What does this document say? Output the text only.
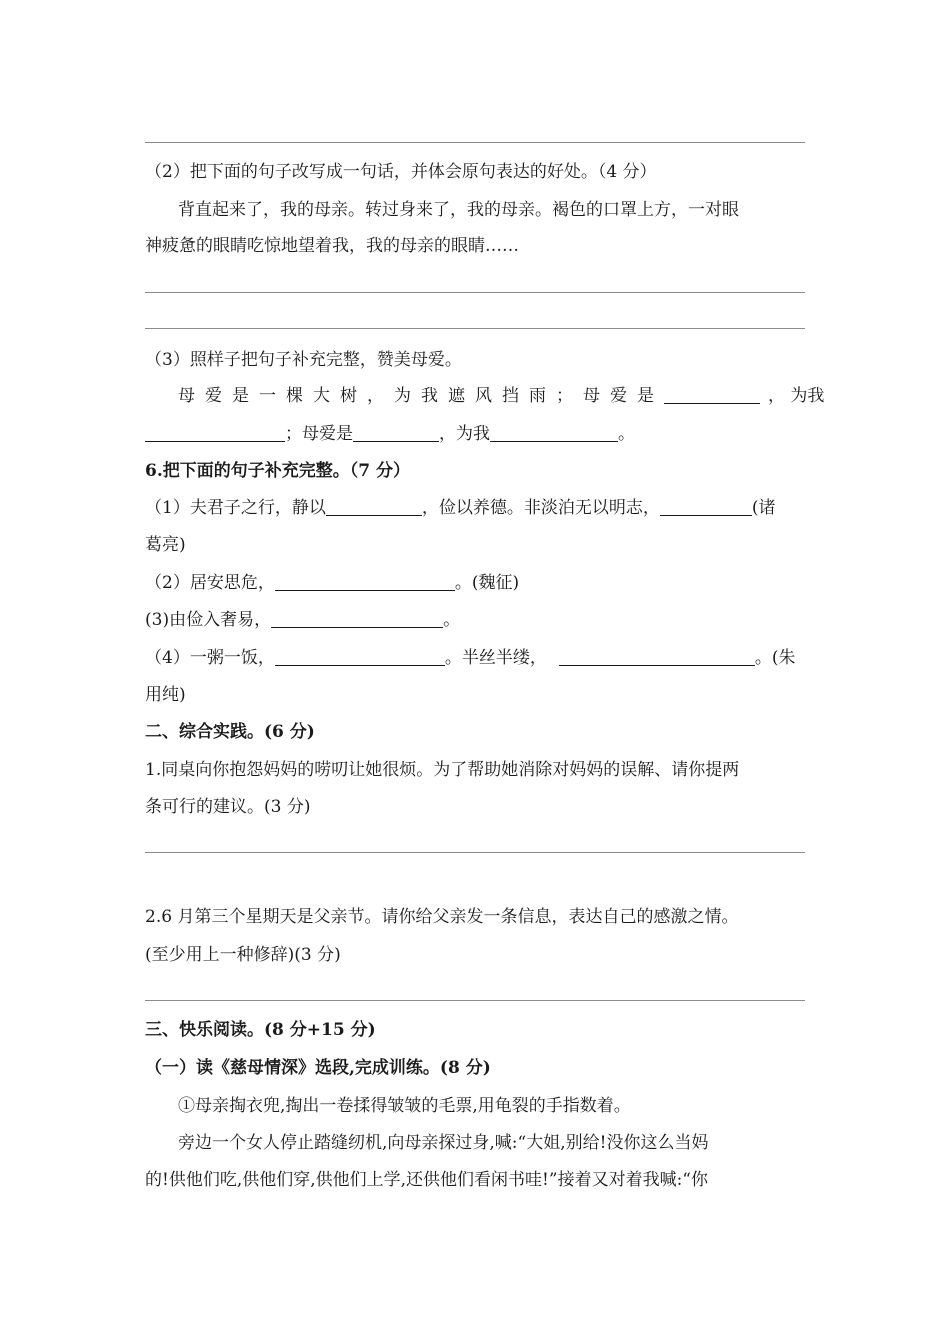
（2）把下面的句子改写成一句话，并体会原句表达的好处。（4 分）
背直起来了，我的母亲。转过身来了，我的母亲。褐色的口罩上方，一对眼
神疲惫的眼睛吃惊地望着我，我的母亲的眼睛……
（3）照样子把句子补充完整，赞美母爱。
母爱是一棵大树，为我遮风挡雨；母爱是	， 为我
；母爱是	，为我	。
6.把下面的句子补充完整。（7 分）
（1）夫君子之行，静以	，俭以养德。非淡泊无以明志，	(诸
葛亮)
（2）居安思危，	。(魏征)
(3)由俭入奢易，	。
（4）一粥一饭，	。半丝半缕，	。(朱
用纯)
二、综合实践。(6 分)
1.同桌向你抱怨妈妈的唠叨让她很烦。为了帮助她消除对妈妈的误解、请你提两
条可行的建议。(3 分)
2.6 月第三个星期天是父亲节。请你给父亲发一条信息，表达自己的感激之情。
(至少用上一种修辞)(3 分)
三、快乐阅读。(8 分+15 分)
（一）读《慈母情深》选段,完成训练。(8 分)
①母亲掏衣兜,掏出一卷揉得皱皱的毛票,用龟裂的手指数着。
旁边一个女人停止踏缝纫机,向母亲探过身,喊:“大姐,别给!没你这么当妈
的!供他们吃,供他们穿,供他们上学,还供他们看闲书哇!”接着又对着我喊:“你
